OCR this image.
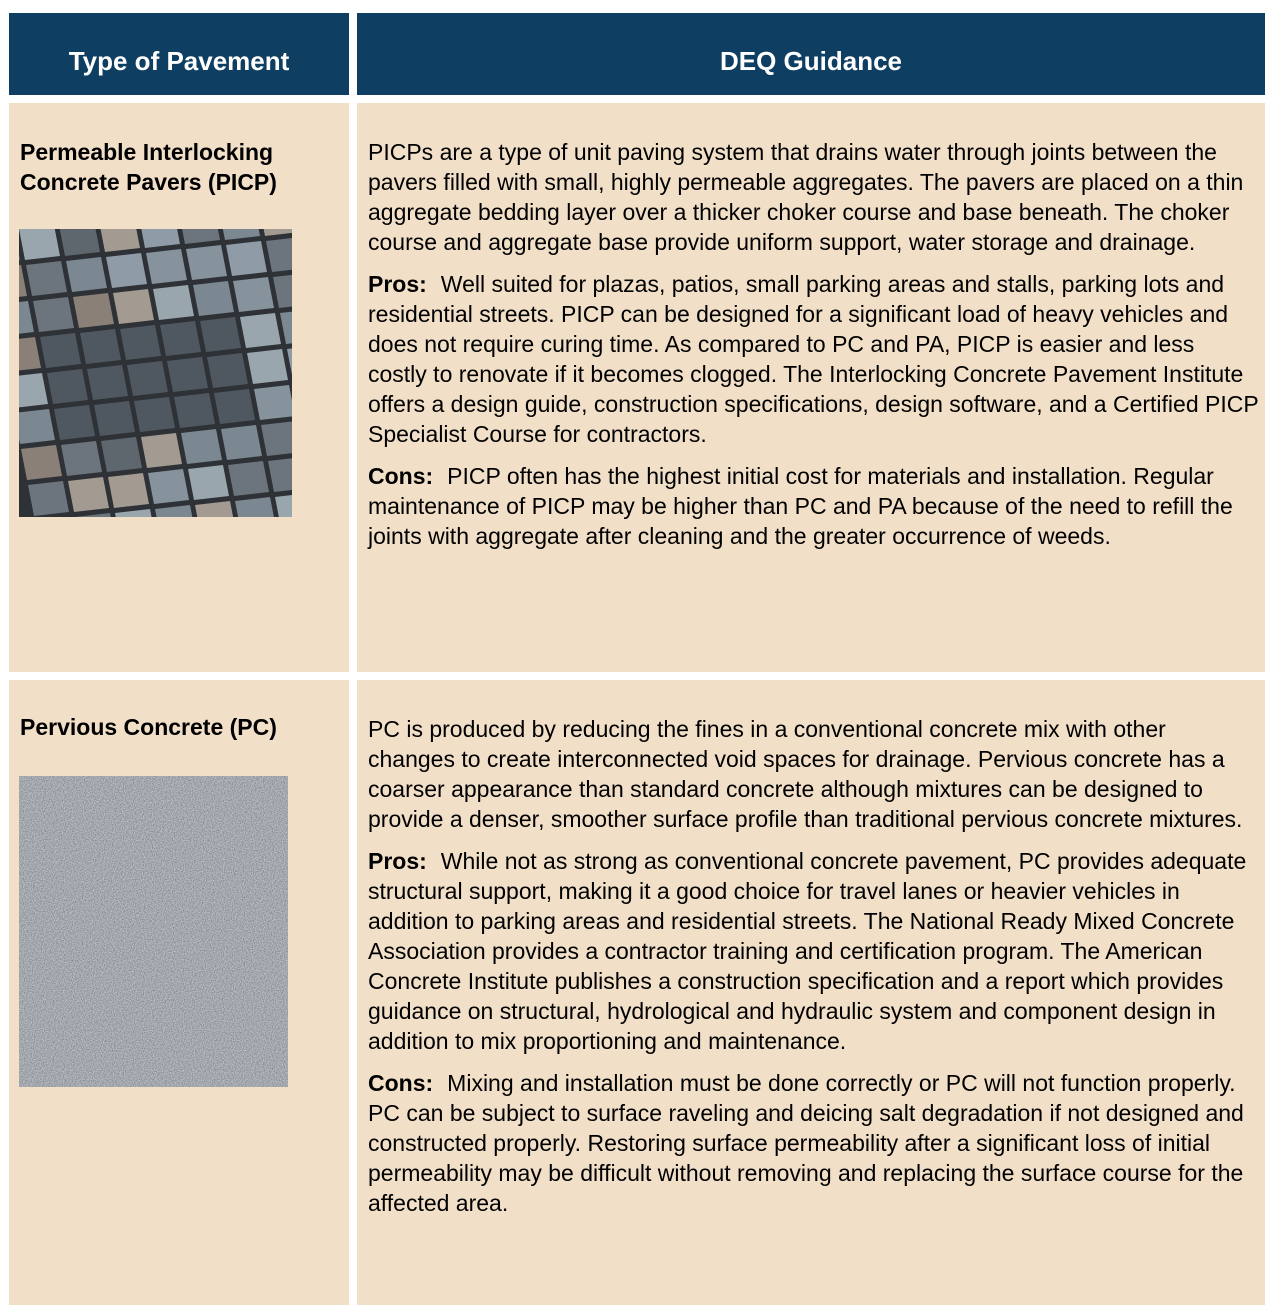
Type of Pavement	DEQ Guidance
Permeable Interlocking Concrete Pavers (PICP)

PICPs are a type of unit paving system that drains water through joints between the pavers filled with small, highly permeable aggregates. The pavers are placed on a thin aggregate bedding layer over a thicker choker course and base beneath. The choker course and aggregate base provide uniform support, water storage and drainage.

Pros: Well suited for plazas, patios, small parking areas and stalls, parking lots and residential streets. PICP can be designed for a significant load of heavy vehicles and does not require curing time. As compared to PC and PA, PICP is easier and less costly to renovate if it becomes clogged. The Interlocking Concrete Pavement Institute offers a design guide, construction specifications, design software, and a Certified PICP Specialist Course for contractors.

Cons: PICP often has the highest initial cost for materials and installation. Regular maintenance of PICP may be higher than PC and PA because of the need to refill the joints with aggregate after cleaning and the greater occurrence of weeds.

Pervious Concrete (PC)	PC is produced by reducing the fines in a conventional concrete mix with other changes to create interconnected void spaces for drainage. Pervious concrete has a coarser appearance than standard concrete although mixtures can be designed to provide a denser, smoother surface profile than traditional pervious concrete mixtures.

Pros: While not as strong as conventional concrete pavement, PC provides adequate structural support, making it a good choice for travel lanes or heavier vehicles in addition to parking areas and residential streets. The National Ready Mixed Concrete Association provides a contractor training and certification program. The American Concrete Institute publishes a construction specification and a report which provides guidance on structural, hydrological and hydraulic system and component design in addition to mix proportioning and maintenance.

Cons: Mixing and installation must be done correctly or PC will not function properly. PC can be subject to surface raveling and deicing salt degradation if not designed and constructed properly. Restoring surface permeability after a significant loss of initial permeability may be difficult without removing and replacing the surface course for the affected area.
